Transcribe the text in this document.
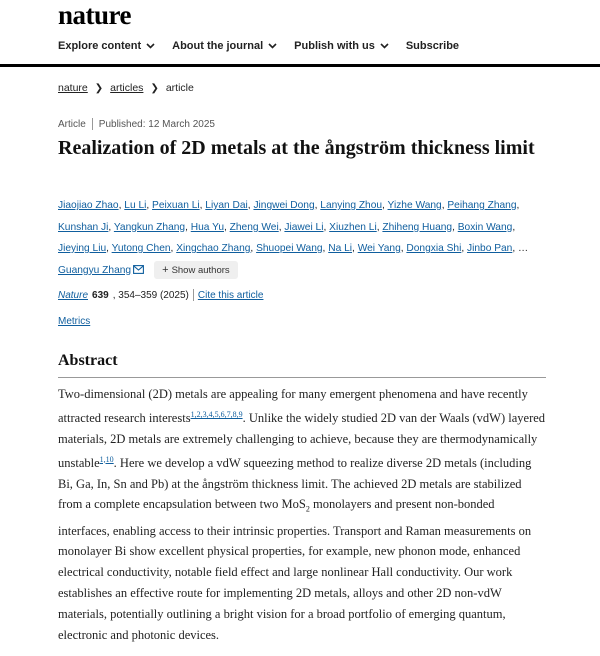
nature
Explore content	About the journal	Publish with us	Subscribe
nature ❯ articles ❯ article
Article Published: 12 March 2025
Realization of 2D metals at the ångström thickness limit
Jiaojiao Zhao, Lu Li, Peixuan Li, Liyan Dai, Jingwei Dong, Lanying Zhou, Yizhe Wang, Peihang Zhang, Kunshan Ji, Yangkun Zhang, Hua Yu, Zheng Wei, Jiawei Li, Xiuzhen Li, Zhiheng Huang, Boxin Wang, Jieying Liu, Yutong Chen, Xingchao Zhang, Shuopei Wang, Na Li, Wei Yang, Dongxia Shi, Jinbo Pan, … Guangyu Zhang	+ Show authors
Nature 639 , 354–359 (2025) Cite this article
Metrics
Abstract
Two-dimensional (2D) metals are appealing for many emergent phenomena and have recently attracted research interests$^{1,2,3,4,5,6,7,8,9}$. Unlike the widely studied 2D van der Waals (vdW) layered materials, 2D metals are extremely challenging to achieve, because they are thermodynamically unstable$^{1,10}$. Here we develop a vdW squeezing method to realize diverse 2D metals (including Bi, Ga, In, Sn and Pb) at the ångström thickness limit. The achieved 2D metals are stabilized from a complete encapsulation between two MoS$_2$ monolayers and present non-bonded interfaces, enabling access to their intrinsic properties. Transport and Raman measurements on monolayer Bi show excellent physical properties, for example, new phonon mode, enhanced electrical conductivity, notable field effect and large nonlinear Hall conductivity. Our work establishes an effective route for implementing 2D metals, alloys and other 2D non-vdW materials, potentially outlining a bright vision for a broad portfolio of emerging quantum, electronic and photonic devices.
